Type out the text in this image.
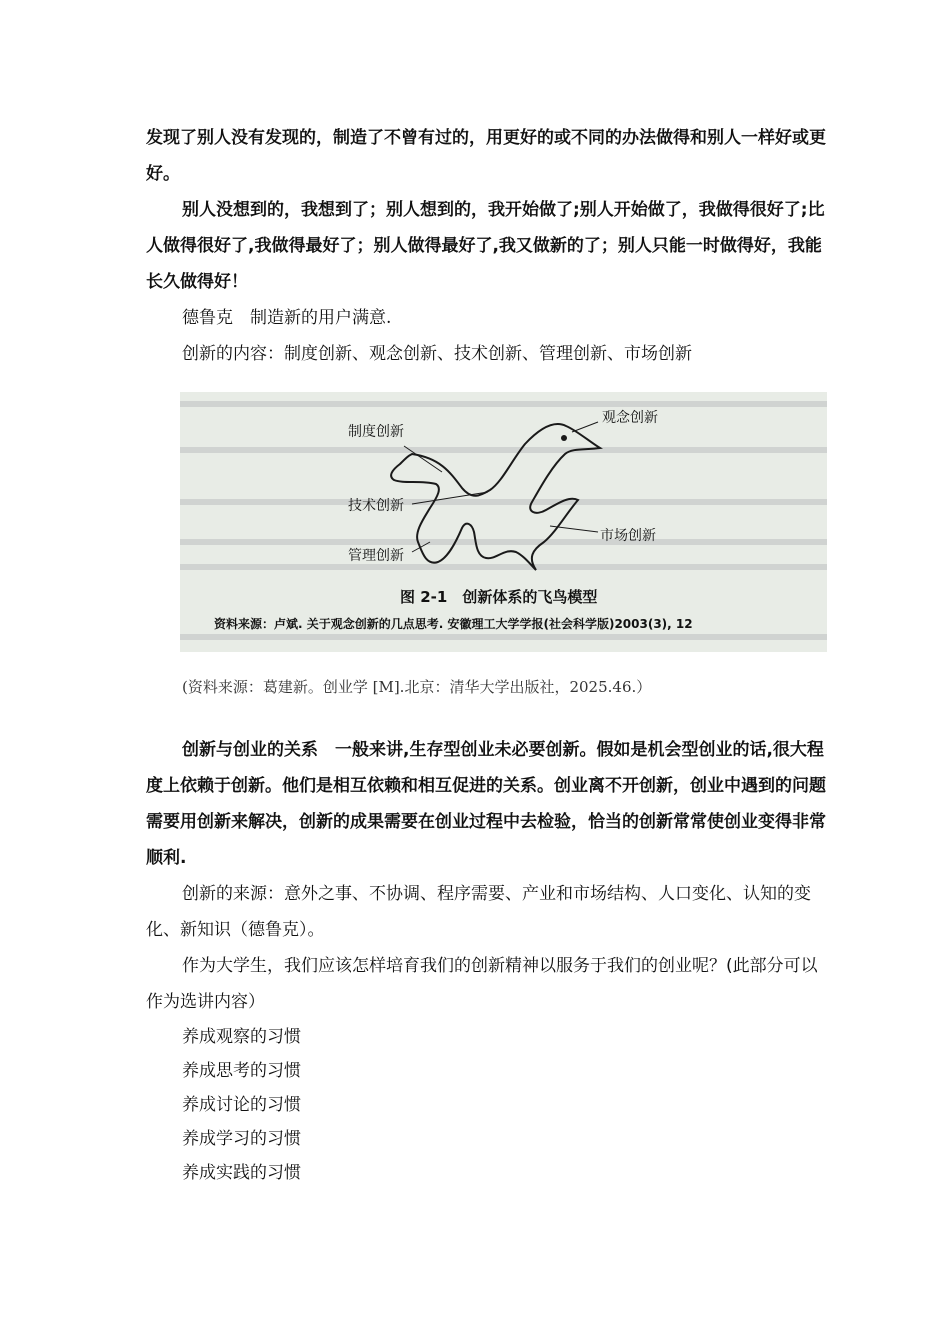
发现了别人没有发现的，制造了不曾有过的，用更好的或不同的办法做得和别人一样好或更好。

别人没想到的，我想到了；别人想到的，我开始做了;别人开始做了，我做得很好了;比人做得很好了,我做得最好了；别人做得最好了,我又做新的了；别人只能一时做得好，我能长久做得好！

德鲁克　制造新的用户满意.

创新的内容：制度创新、观念创新、技术创新、管理创新、市场创新

制度创新
观念创新
技术创新
管理创新
市场创新
图 2-1　创新体系的飞鸟模型
资料来源：卢斌. 关于观念创新的几点思考. 安徽理工大学学报(社会科学版)2003(3), 12

(资料来源：葛建新。创业学 [M].北京：清华大学出版社，2025.46.）

创新与创业的关系　一般来讲,生存型创业未必要创新。假如是机会型创业的话,很大程度上依赖于创新。他们是相互依赖和相互促进的关系。创业离不开创新，创业中遇到的问题需要用创新来解决，创新的成果需要在创业过程中去检验，恰当的创新常常使创业变得非常顺利.

创新的来源：意外之事、不协调、程序需要、产业和市场结构、人口变化、认知的变化、新知识（德鲁克）。

作为大学生，我们应该怎样培育我们的创新精神以服务于我们的创业呢？(此部分可以作为选讲内容）

养成观察的习惯

养成思考的习惯

养成讨论的习惯

养成学习的习惯

养成实践的习惯
